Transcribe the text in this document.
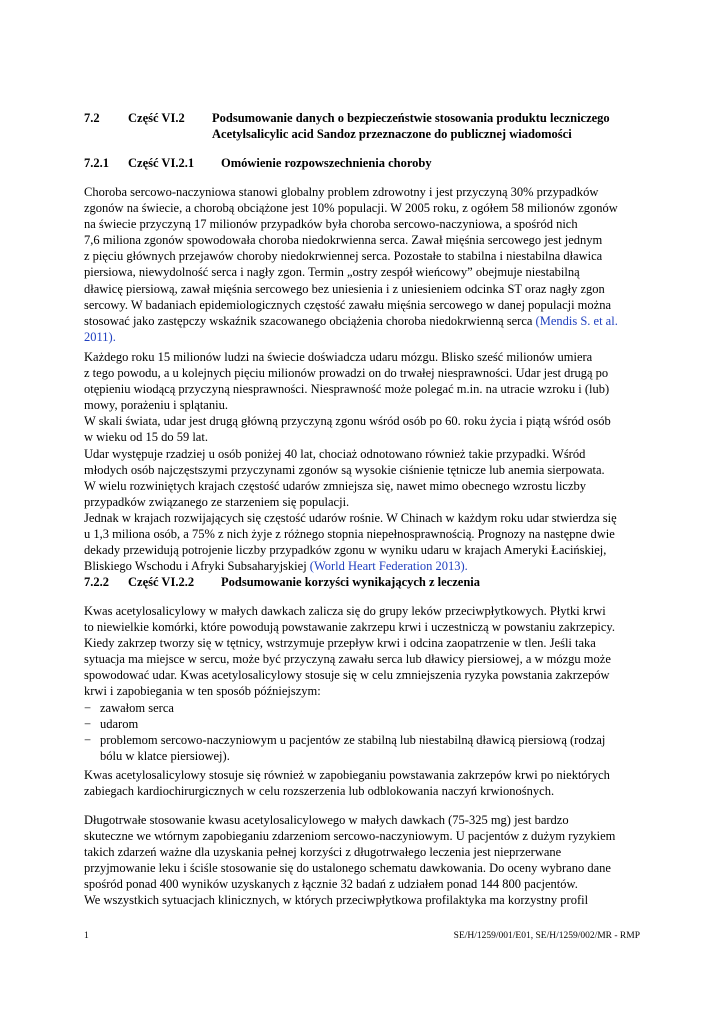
7.2 Część VI.2 Podsumowanie danych o bezpieczeństwie stosowania produktu leczniczego
Acetylsalicylic acid Sandoz przeznaczone do publicznej wiadomości
7.2.1 Część VI.2.1 Omówienie rozpowszechnienia choroby
Choroba sercowo-naczyniowa stanowi globalny problem zdrowotny i jest przyczyną 30% przypadków
zgonów na świecie, a chorobą obciążone jest 10% populacji. W 2005 roku, z ogółem 58 milionów zgonów
na świecie przyczyną 17 milionów przypadków była choroba sercowo-naczyniowa, a spośród nich
7,6 miliona zgonów spowodowała choroba niedokrwienna serca. Zawał mięśnia sercowego jest jednym
z pięciu głównych przejawów choroby niedokrwiennej serca. Pozostałe to stabilna i niestabilna dławica
piersiowa, niewydolność serca i nagły zgon. Termin „ostry zespół wieńcowy” obejmuje niestabilną
dławicę piersiową, zawał mięśnia sercowego bez uniesienia i z uniesieniem odcinka ST oraz nagły zgon
sercowy. W badaniach epidemiologicznych częstość zawału mięśnia sercowego w danej populacji można
stosować jako zastępczy wskaźnik szacowanego obciążenia choroba niedokrwienną serca (Mendis S. et al.
2011).
Każdego roku 15 milionów ludzi na świecie doświadcza udaru mózgu. Blisko sześć milionów umiera
z tego powodu, a u kolejnych pięciu milionów prowadzi on do trwałej niesprawności. Udar jest drugą po
otępieniu wiodącą przyczyną niesprawności. Niesprawność może polegać m.in. na utracie wzroku i (lub)
mowy, porażeniu i splątaniu.
W skali świata, udar jest drugą główną przyczyną zgonu wśród osób po 60. roku życia i piątą wśród osób
w wieku od 15 do 59 lat.
Udar występuje rzadziej u osób poniżej 40 lat, chociaż odnotowano również takie przypadki. Wśród
młodych osób najczęstszymi przyczynami zgonów są wysokie ciśnienie tętnicze lub anemia sierpowata.
W wielu rozwiniętych krajach częstość udarów zmniejsza się, nawet mimo obecnego wzrostu liczby
przypadków związanego ze starzeniem się populacji.
Jednak w krajach rozwijających się częstość udarów rośnie. W Chinach w każdym roku udar stwierdza się
u 1,3 miliona osób, a 75% z nich żyje z różnego stopnia niepełnosprawnością. Prognozy na następne dwie
dekady przewidują potrojenie liczby przypadków zgonu w wyniku udaru w krajach Ameryki Łacińskiej,
Bliskiego Wschodu i Afryki Subsaharyjskiej (World Heart Federation 2013).
7.2.2 Część VI.2.2 Podsumowanie korzyści wynikających z leczenia
Kwas acetylosalicylowy w małych dawkach zalicza się do grupy leków przeciwpłytkowych. Płytki krwi
to niewielkie komórki, które powodują powstawanie zakrzepu krwi i uczestniczą w powstaniu zakrzepicy.
Kiedy zakrzep tworzy się w tętnicy, wstrzymuje przepływ krwi i odcina zaopatrzenie w tlen. Jeśli taka
sytuacja ma miejsce w sercu, może być przyczyną zawału serca lub dławicy piersiowej, a w mózgu może
spowodować udar. Kwas acetylosalicylowy stosuje się w celu zmniejszenia ryzyka powstania zakrzepów
krwi i zapobiegania w ten sposób późniejszym:
− zawałom serca
− udarom
− problemom sercowo-naczyniowym u pacjentów ze stabilną lub niestabilną dławicą piersiową (rodzaj
bólu w klatce piersiowej).
Kwas acetylosalicylowy stosuje się również w zapobieganiu powstawania zakrzepów krwi po niektórych
zabiegach kardiochirurgicznych w celu rozszerzenia lub odblokowania naczyń krwionośnych.
Długotrwałe stosowanie kwasu acetylosalicylowego w małych dawkach (75-325 mg) jest bardzo
skuteczne we wtórnym zapobieganiu zdarzeniom sercowo-naczyniowym. U pacjentów z dużym ryzykiem
takich zdarzeń ważne dla uzyskania pełnej korzyści z długotrwałego leczenia jest nieprzerwane
przyjmowanie leku i ściśle stosowanie się do ustalonego schematu dawkowania. Do oceny wybrano dane
spośród ponad 400 wyników uzyskanych z łącznie 32 badań z udziałem ponad 144 800 pacjentów.
We wszystkich sytuacjach klinicznych, w których przeciwpłytkowa profilaktyka ma korzystny profil
1	SE/H/1259/001/E01, SE/H/1259/002/MR - RMP
